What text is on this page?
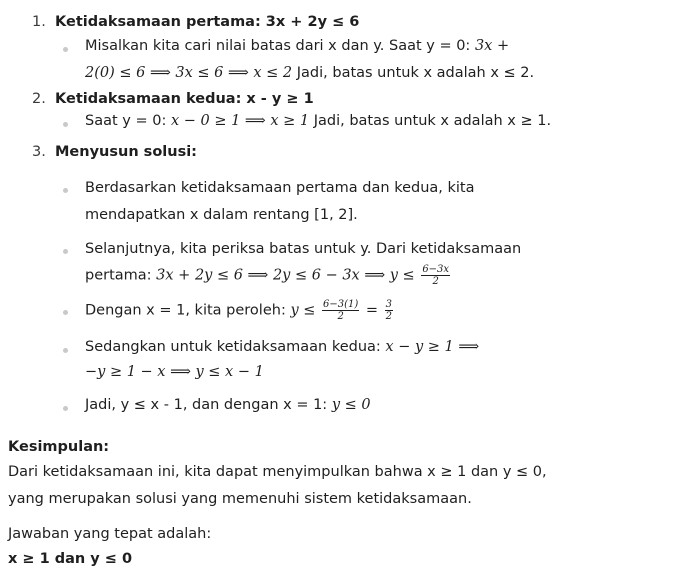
1. Ketidaksamaan pertama: 3x + 2y ≤ 6
Misalkan kita cari nilai batas dari x dan y. Saat y = 0: 3x +
2(0) ≤ 6 ⟹ 3x ≤ 6 ⟹ x ≤ 2 Jadi, batas untuk x adalah x ≤ 2.
2. Ketidaksamaan kedua: x - y ≥ 1
Saat y = 0: x − 0 ≥ 1 ⟹ x ≥ 1 Jadi, batas untuk x adalah x ≥ 1.
3. Menyusun solusi:
Berdasarkan ketidaksamaan pertama dan kedua, kita
mendapatkan x dalam rentang [1, 2].
Selanjutnya, kita periksa batas untuk y. Dari ketidaksamaan
pertama: 3x + 2y ≤ 6 ⟹ 2y ≤ 6 − 3x ⟹ $y \le \frac{6-3x}{2}$
Dengan x = 1, kita peroleh: $y \le \frac{6-3(1)}{2} = \frac{3}{2}$
Sedangkan untuk ketidaksamaan kedua: x − y ≥ 1 ⟹
−y ≥ 1 − x ⟹ y ≤ x − 1
Jadi, y ≤ x - 1, dan dengan x = 1: y ≤ 0
Kesimpulan:
Dari ketidaksamaan ini, kita dapat menyimpulkan bahwa x ≥ 1 dan y ≤ 0,
yang merupakan solusi yang memenuhi sistem ketidaksamaan.
Jawaban yang tepat adalah:
x ≥ 1 dan y ≤ 0
